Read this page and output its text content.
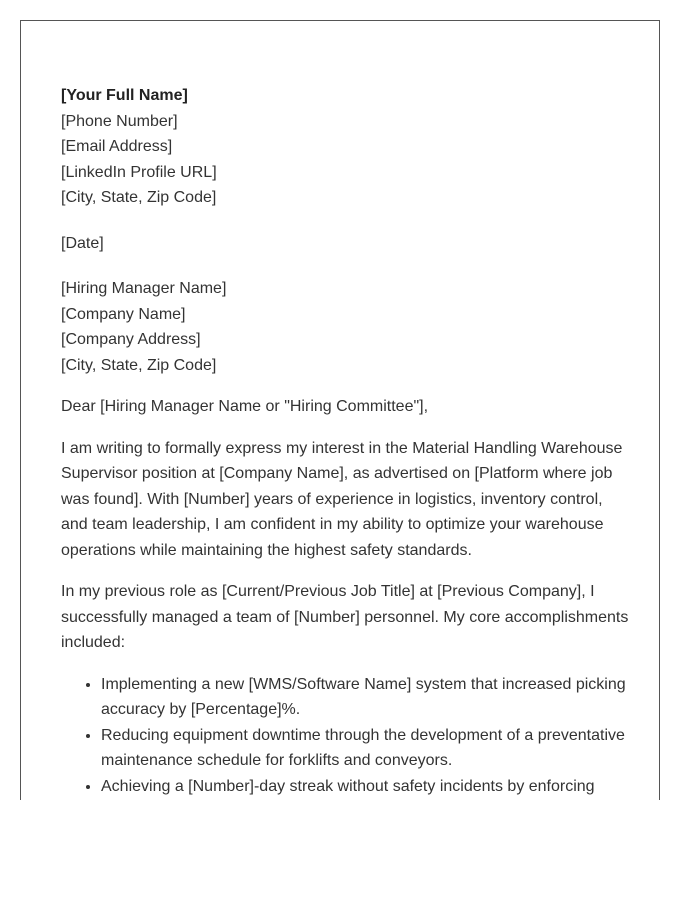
[Your Full Name]
[Phone Number]
[Email Address]
[LinkedIn Profile URL]
[City, State, Zip Code]
[Date]
[Hiring Manager Name]
[Company Name]
[Company Address]
[City, State, Zip Code]
Dear [Hiring Manager Name or "Hiring Committee"],

I am writing to formally express my interest in the Material Handling Warehouse Supervisor position at [Company Name], as advertised on [Platform where job was found]. With [Number] years of experience in logistics, inventory control, and team leadership, I am confident in my ability to optimize your warehouse operations while maintaining the highest safety standards.

In my previous role as [Current/Previous Job Title] at [Previous Company], I successfully managed a team of [Number] personnel. My core accomplishments included:

• Implementing a new [WMS/Software Name] system that increased picking accuracy by [Percentage]%.
• Reducing equipment downtime through the development of a preventative maintenance schedule for forklifts and conveyors.
• Achieving a [Number]-day streak without safety incidents by enforcing
